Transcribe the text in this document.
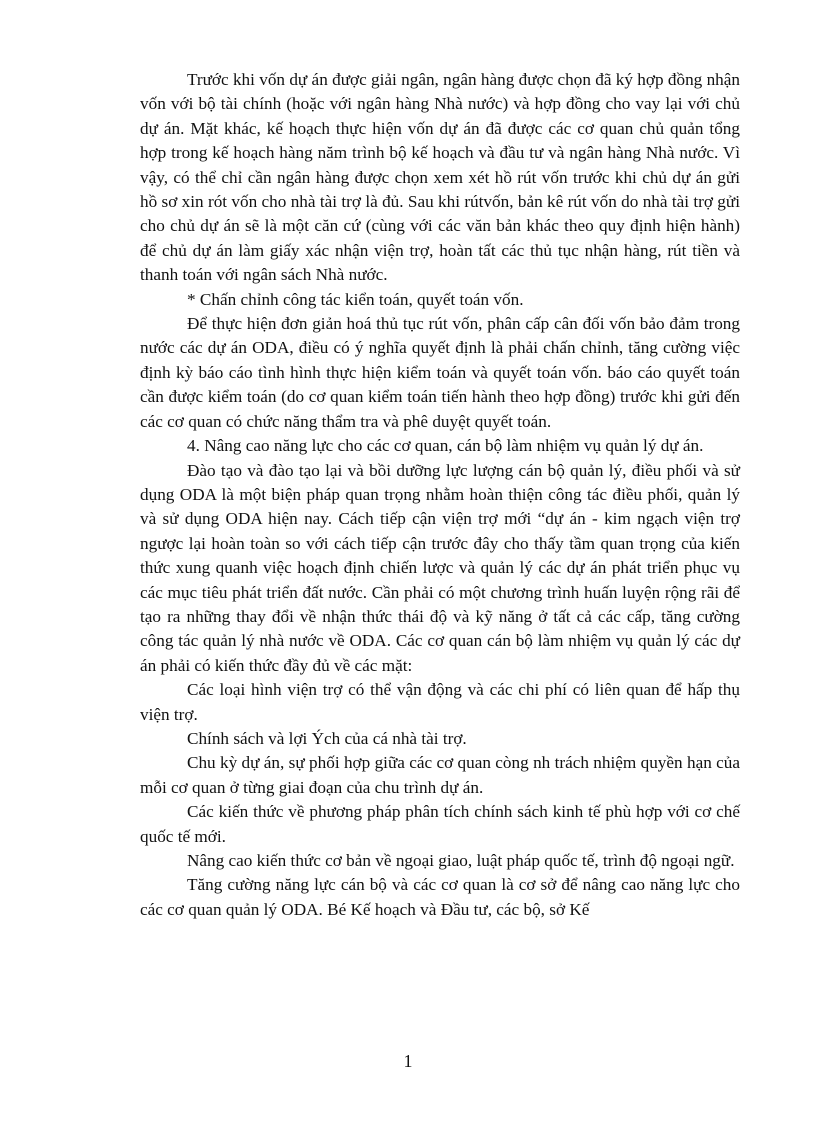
Trước khi vốn dự án được giải ngân, ngân hàng được chọn đã ký hợp đồng nhận vốn với bộ tài chính (hoặc với ngân hàng Nhà nước) và hợp đồng cho vay lại với chủ dự án. Mặt khác, kế hoạch thực hiện vốn dự án đã được các cơ quan chủ quản tổng hợp trong kế hoạch hàng năm trình bộ kế hoạch và đầu tư và ngân hàng Nhà nước. Vì vậy, có thể chỉ cần ngân hàng được chọn xem xét hồ rút vốn trước khi chủ dự án gửi hồ sơ xin rót vốn cho nhà tài trợ là đủ. Sau khi rútvốn, bản kê rút vốn do nhà tài trợ gửi cho chủ dự án sẽ là một căn cứ (cùng với các văn bản khác theo quy định hiện hành) để chủ dự án làm giấy xác nhận viện trợ, hoàn tất các thủ tục nhận hàng, rút tiền và thanh toán với ngân sách Nhà nước.

* Chấn chỉnh công tác kiển toán, quyết toán vốn.

Để thực hiện đơn giản hoá thủ tục rút vốn, phân cấp cân đối vốn bảo đảm trong nước các dự án ODA, điều có ý nghĩa quyết định là phải chấn chỉnh, tăng cường việc định kỳ báo cáo tình hình thực hiện kiểm toán và quyết toán vốn. báo cáo quyết toán cần được kiểm toán (do cơ quan kiểm toán tiến hành theo hợp đồng) trước khi gửi đến các cơ quan có chức năng thẩm tra và phê duyệt quyết toán.

4. Nâng cao năng lực cho các cơ quan, cán bộ làm nhiệm vụ quản lý dự án.

Đào tạo và đào tạo lại và bồi dưỡng lực lượng cán bộ quản lý, điều phối và sử dụng ODA là một biện pháp quan trọng nhằm hoàn thiện công tác điều phối, quản lý và sử dụng ODA hiện nay. Cách tiếp cận viện trợ mới “dự án - kim ngạch viện trợ ngược lại hoàn toàn so với cách tiếp cận trước đây cho thấy tầm quan trọng của kiến thức xung quanh việc hoạch định chiến lược và quản lý các dự án phát triển phục vụ các mục tiêu phát triển đất nước. Cần phải có một chương trình huấn luyện rộng rãi để tạo ra những thay đổi về nhận thức thái độ và kỹ năng ở tất cả các cấp, tăng cường công tác quản lý nhà nước về ODA. Các cơ quan cán bộ làm nhiệm vụ quản lý các dự án phải có kiến thức đầy đủ về các mặt:

Các loại hình viện trợ có thể vận động và các chi phí có liên quan để hấp thụ viện trợ.

Chính sách và lợi Ých của cá nhà tài trợ.

Chu kỳ dự án, sự phối hợp giữa các cơ quan còng nh trách nhiệm quyền hạn của mỗi cơ quan ở từng giai đoạn của chu trình dự án.

Các kiến thức về phương pháp phân tích chính sách kinh tế phù hợp với cơ chế quốc tế mới.

Nâng cao kiến thức cơ bản về ngoại giao, luật pháp quốc tế, trình độ ngoại ngữ.

Tăng cường năng lực cán bộ và các cơ quan là cơ sở để nâng cao năng lực cho các cơ quan quản lý ODA. Bé Kế hoạch và Đầu tư, các bộ, sở Kế

1
